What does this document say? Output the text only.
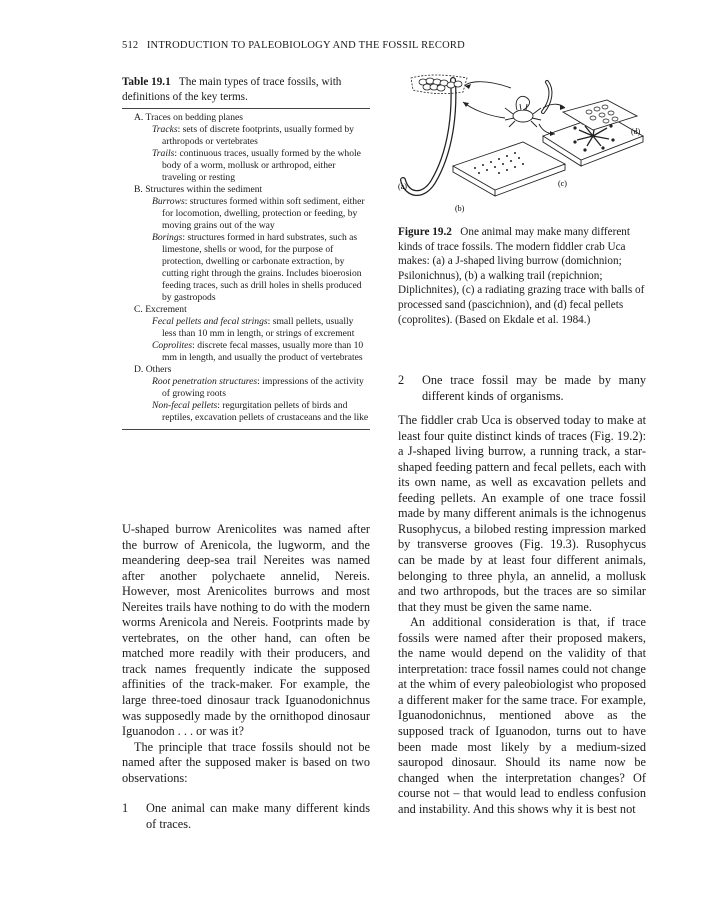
512 INTRODUCTION TO PALEOBIOLOGY AND THE FOSSIL RECORD
Table 19.1 The main types of trace fossils, with definitions of the key terms.
A. Traces on bedding planes
Tracks: sets of discrete footprints, usually formed by arthropods or vertebrates
Trails: continuous traces, usually formed by the whole body of a worm, mollusk or arthropod, either traveling or resting
B. Structures within the sediment
Burrows: structures formed within soft sediment, either for locomotion, dwelling, protection or feeding, by moving grains out of the way
Borings: structures formed in hard substrates, such as limestone, shells or wood, for the purpose of protection, dwelling or carbonate extraction, by cutting right through the grains. Includes bioerosion feeding traces, such as drill holes in shells produced by gastropods
C. Excrement
Fecal pellets and fecal strings: small pellets, usually less than 10 mm in length, or strings of excrement
Coprolites: discrete fecal masses, usually more than 10 mm in length, and usually the product of vertebrates
D. Others
Root penetration structures: impressions of the activity of growing roots
Non-fecal pellets: regurgitation pellets of birds and reptiles, excavation pellets of crustaceans and the like
(a)
(b)
(c)
(d)
Figure 19.2 One animal may make many different kinds of trace fossils. The modern fiddler crab Uca makes: (a) a J-shaped living burrow (domichnion; Psilonichnus), (b) a walking trail (repichnion; Diplichnites), (c) a radiating grazing trace with balls of processed sand (pascichnion), and (d) fecal pellets (coprolites). (Based on Ekdale et al. 1984.)

U-shaped burrow Arenicolites was named after the burrow of Arenicola, the lugworm, and the meandering deep-sea trail Nereites was named after another polychaete annelid, Nereis. However, most Arenicolites burrows and most Nereites trails have nothing to do with the modern worms Arenicola and Nereis. Footprints made by vertebrates, on the other hand, can often be matched more readily with their producers, and track names frequently indicate the supposed affinities of the track-maker. For example, the large three-toed dinosaur track Iguanodonichnus was supposedly made by the ornithopod dinosaur Iguanodon . . . or was it?

The principle that trace fossils should not be named after the supposed maker is based on two observations:

1 One animal can make many different kinds of traces.

2 One trace fossil may be made by many different kinds of organisms.

The fiddler crab Uca is observed today to make at least four quite distinct kinds of traces (Fig. 19.2): a J-shaped living burrow, a running track, a star-shaped feeding pattern and fecal pellets, each with its own name, as well as excavation pellets and feeding pellets. An example of one trace fossil made by many different animals is the ichnogenus Rusophycus, a bilobed resting impression marked by transverse grooves (Fig. 19.3). Rusophycus can be made by at least four different animals, belonging to three phyla, an annelid, a mollusk and two arthropods, but the traces are so similar that they must be given the same name.

An additional consideration is that, if trace fossils were named after their proposed makers, the name would depend on the validity of that interpretation: trace fossil names could not change at the whim of every paleobiologist who proposed a different maker for the same trace. For example, Iguanodonichnus, mentioned above as the supposed track of Iguanodon, turns out to have been made most likely by a medium-sized sauropod dinosaur. Should its name now be changed when the interpretation changes? Of course not – that would lead to endless confusion and instability. And this shows why it is best not
